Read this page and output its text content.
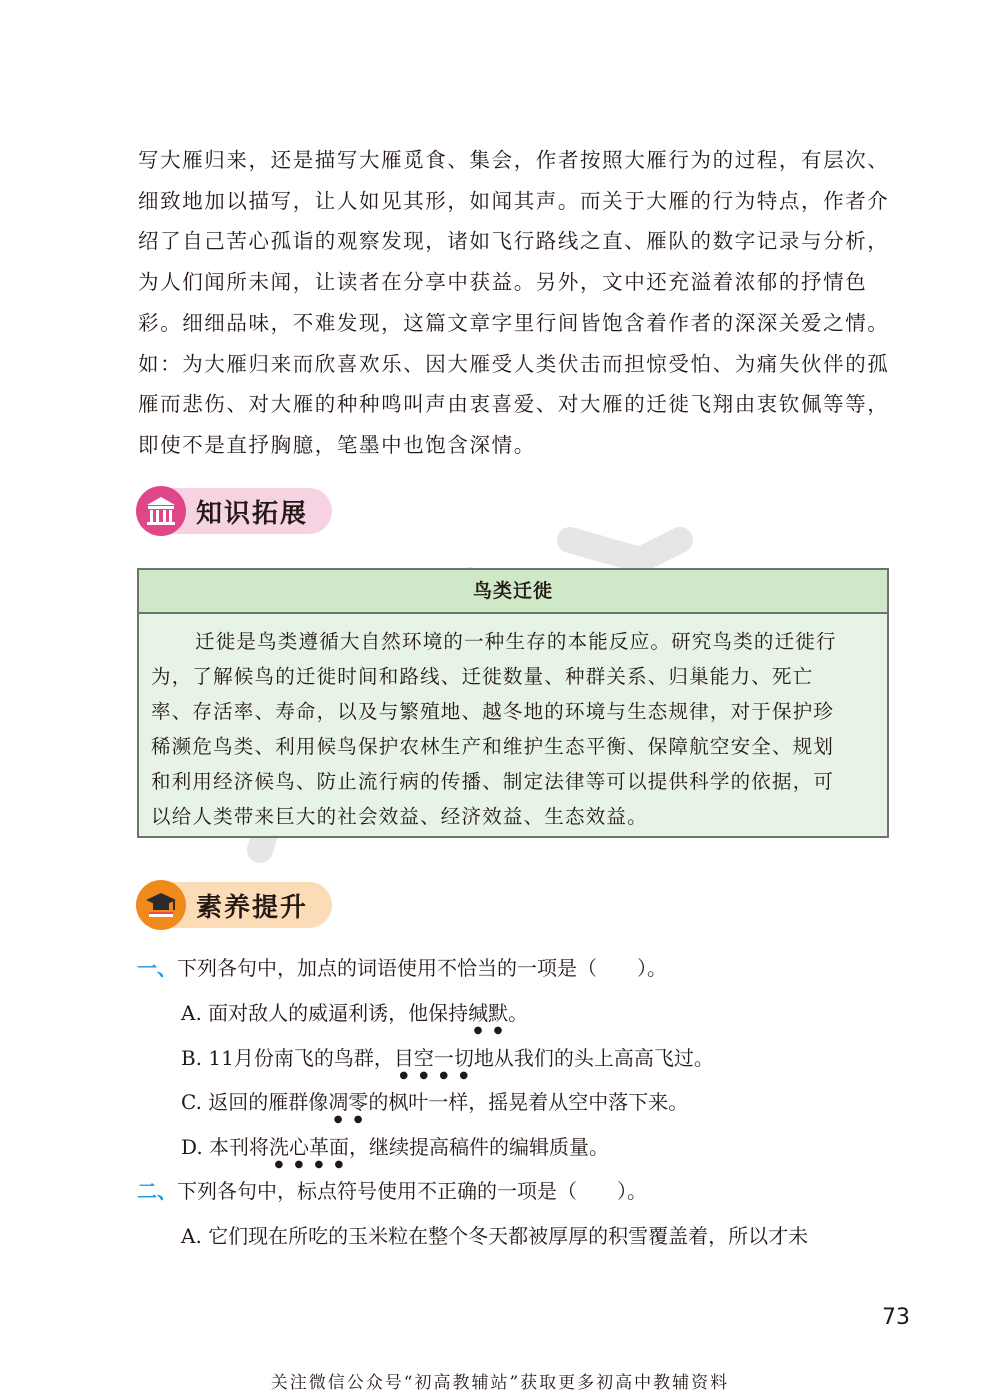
写大雁归来，还是描写大雁觅食、集会，作者按照大雁行为的过程，有层次、
细致地加以描写，让人如见其形，如闻其声。而关于大雁的行为特点，作者介
绍了自己苦心孤诣的观察发现，诸如飞行路线之直、雁队的数字记录与分析，
为人们闻所未闻，让读者在分享中获益。另外，文中还充溢着浓郁的抒情色
彩。细细品味，不难发现，这篇文章字里行间皆饱含着作者的深深关爱之情。
如：为大雁归来而欣喜欢乐、因大雁受人类伏击而担惊受怕、为痛失伙伴的孤
雁而悲伤、对大雁的种种鸣叫声由衷喜爱、对大雁的迁徙飞翔由衷钦佩等等，
即使不是直抒胸臆，笔墨中也饱含深情。
知识拓展
鸟类迁徙
迁徙是鸟类遵循大自然环境的一种生存的本能反应。研究鸟类的迁徙行
为，了解候鸟的迁徙时间和路线、迁徙数量、种群关系、归巢能力、死亡
率、存活率、寿命，以及与繁殖地、越冬地的环境与生态规律，对于保护珍
稀濒危鸟类、利用候鸟保护农林生产和维护生态平衡、保障航空安全、规划
和利用经济候鸟、防止流行病的传播、制定法律等可以提供科学的依据，可
以给人类带来巨大的社会效益、经济效益、生态效益。
素养提升
一、下列各句中，加点的词语使用不恰当的一项是（　　）。
A. 面对敌人的威逼利诱，他保持缄默。
B. 11月份南飞的鸟群，目空一切地从我们的头上高高飞过。
C. 返回的雁群像凋零的枫叶一样，摇晃着从空中落下来。
D. 本刊将洗心革面，继续提高稿件的编辑质量。
二、下列各句中，标点符号使用不正确的一项是（　　）。
A. 它们现在所吃的玉米粒在整个冬天都被厚厚的积雪覆盖着，所以才未
73
关注微信公众号“初高教辅站”获取更多初高中教辅资料
